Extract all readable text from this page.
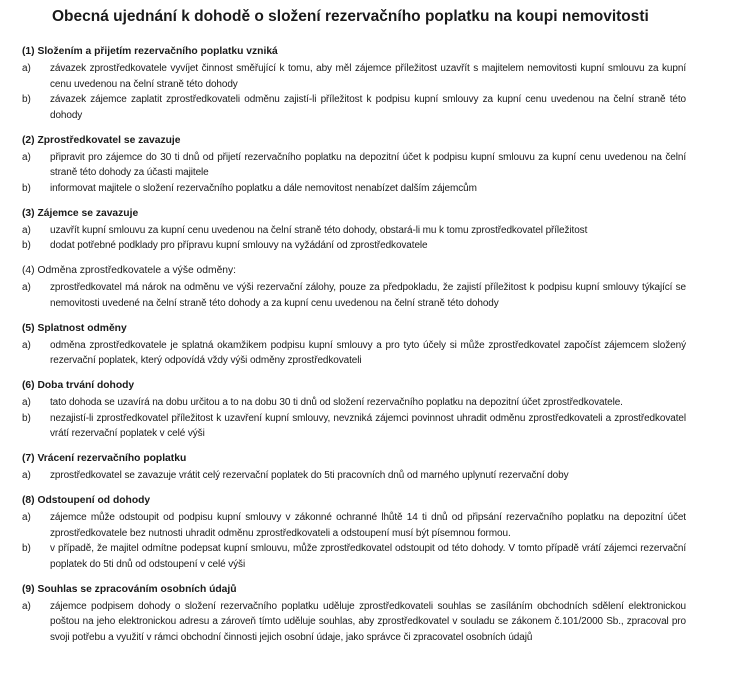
Obecná ujednání k dohodě o složení rezervačního poplatku na koupi nemovitosti
(1) Složením a přijetím rezervačního poplatku vzniká
a)	závazek zprostředkovatele vyvíjet činnost směřující k tomu, aby měl zájemce příležitost uzavřít s majitelem nemovitosti kupní smlouvu za kupní cenu uvedenou na čelní straně této dohody
b)	závazek zájemce zaplatit zprostředkovateli odměnu zajistí-li příležitost k podpisu kupní smlouvy za kupní cenu uvedenou na čelní straně této dohody
(2) Zprostředkovatel se zavazuje
a)	připravit pro zájemce do 30 ti dnů od přijetí rezervačního poplatku na depozitní účet k podpisu kupní smlouvu za kupní cenu uvedenou na čelní straně této dohody za účasti majitele
b)	informovat majitele o složení rezervačního poplatku a dále nemovitost nenabízet dalším zájemcům
(3) Zájemce se zavazuje
a)	uzavřít kupní smlouvu za kupní cenu uvedenou na čelní straně této dohody, obstará-li mu k tomu zprostředkovatel příležitost
b)	dodat potřebné podklady pro přípravu kupní smlouvy na vyžádání od zprostředkovatele
(4) Odměna zprostředkovatele a výše odměny:
a)	zprostředkovatel má nárok na odměnu ve výši rezervační zálohy, pouze za předpokladu, že zajistí příležitost k podpisu kupní smlouvy týkající se nemovitosti uvedené na čelní straně této dohody a za kupní cenu uvedenou na čelní straně této dohody
(5) Splatnost odměny
a)	odměna zprostředkovatele je splatná okamžikem podpisu kupní smlouvy a pro tyto účely si může zprostředkovatel započíst zájemcem složený rezervační poplatek, který odpovídá vždy výši odměny zprostředkovateli
(6) Doba trvání dohody
a)	tato dohoda se uzavírá na dobu určitou a to na dobu 30 ti dnů od složení rezervačního poplatku na depozitní účet zprostředkovatele.
b)	nezajistí-li zprostředkovatel příležitost k uzavření kupní smlouvy, nevzniká zájemci povinnost uhradit odměnu zprostředkovateli a zprostředkovatel vrátí rezervační poplatek v celé výši
(7) Vrácení rezervačního poplatku
a)	zprostředkovatel se zavazuje vrátit celý rezervační poplatek do 5ti pracovních dnů od marného uplynutí rezervační doby
(8) Odstoupení od dohody
a)	zájemce může odstoupit od podpisu kupní smlouvy v zákonné ochranné lhůtě 14 ti dnů od připsání rezervačního poplatku na depozitní účet zprostředkovatele bez nutnosti uhradit odměnu zprostředkovateli a odstoupení musí být písemnou formou.
b)	v případě, že majitel odmítne podepsat kupní smlouvu, může zprostředkovatel odstoupit od této dohody. V tomto případě vrátí zájemci rezervační poplatek do 5ti dnů od odstoupení v celé výši
(9) Souhlas se zpracováním osobních údajů
a)	zájemce podpisem dohody o složení rezervačního poplatku uděluje zprostředkovateli souhlas se zasíláním obchodních sdělení elektronickou poštou na jeho elektronickou adresu a zároveň tímto uděluje souhlas, aby zprostředkovatel v souladu se zákonem č.101/2000 Sb., zpracoval pro svoji potřebu a využití v rámci obchodní činnosti jejich osobní údaje, jako správce či zpracovatel osobních údajů
